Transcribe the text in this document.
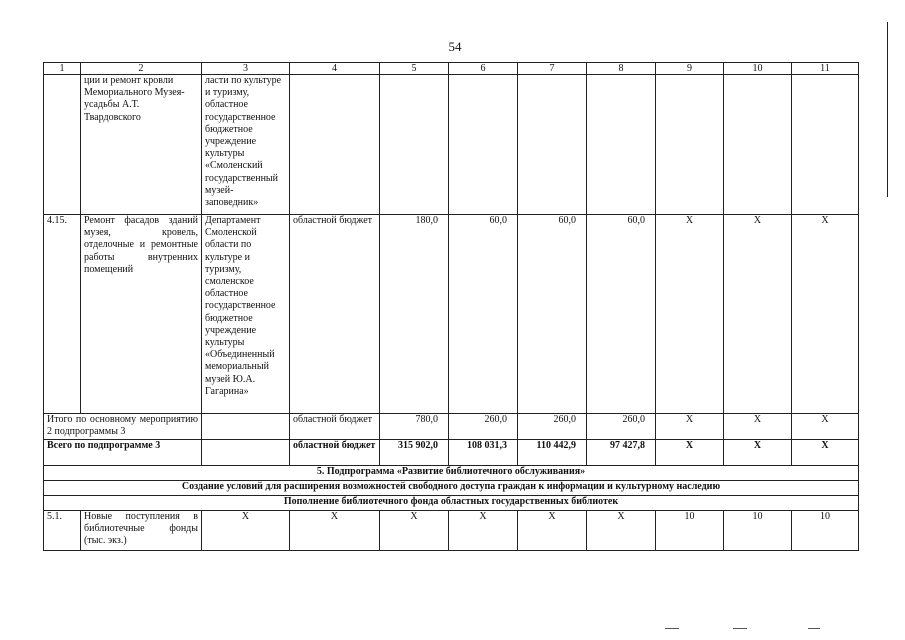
54
1	2	3	4	5	6	7	8	9	10	11
	ции и ремонт кровли Мемориального Музея-усадьбы А.Т. Твардовского	ласти по культуре и туризму, областное государственное бюджетное учреждение культуры «Смоленский государственный музей-заповедник»								
4.15.	Ремонт фасадов зданий музея, кровель, отделочные и ремонтные работы внутренних помещений	Департамент Смоленской области по культуре и туризму, смоленское областное государственное бюджетное учреждение культуры «Объединенный мемориальный музей Ю.А. Гагарина»	областной бюджет	180,0	60,0	60,0	60,0	Х	Х	Х
Итого по основному мероприятию 2 подпрограммы 3			областной бюджет	780,0	260,0	260,0	260,0	Х	Х	Х
Всего по подпрограмме 3			областной бюджет	315 902,0	108 031,3	110 442,9	97 427,8	Х	Х	Х
5. Подпрограмма «Развитие библиотечного обслуживания»										
Создание условий для расширения возможностей свободного доступа граждан к информации и культурному наследию										
Пополнение библиотечного фонда областных государственных библиотек										
5.1.	Новые поступления в библиотечные фонды (тыс. экз.)	Х	Х	Х	Х	Х	Х	10	10	10
